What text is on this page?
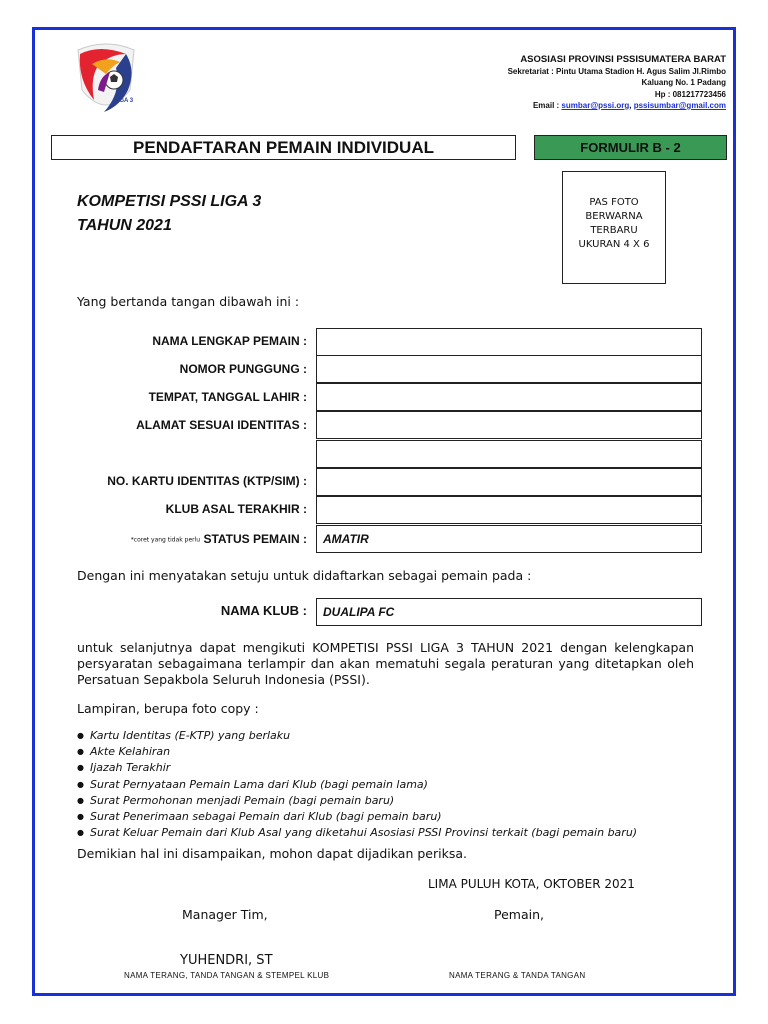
LIGA 3
ASOSIASI PROVINSI PSSISUMATERA BARAT
Sekretariat : Pintu Utama Stadion H. Agus Salim Jl.Rimbo
Kaluang No. 1 Padang
Hp : 081217723456
Email : sumbar@pssi.org, pssisumbar@gmail.com
PENDAFTARAN PEMAIN INDIVIDUAL	FORMULIR B - 2
KOMPETISI PSSI LIGA 3
TAHUN 2021
PAS FOTO
BERWARNA
TERBARU
UKURAN 4 X 6
Yang bertanda tangan dibawah ini :
NAMA LENGKAP PEMAIN :
NOMOR PUNGGUNG :
TEMPAT, TANGGAL LAHIR :
ALAMAT SESUAI IDENTITAS :
NO. KARTU IDENTITAS (KTP/SIM) :
KLUB ASAL TERAKHIR :
*coret yang tidak perlu STATUS PEMAIN :	AMATIR
Dengan ini menyatakan setuju untuk didaftarkan sebagai pemain pada :
NAMA KLUB :	DUALIPA FC
untuk selanjutnya dapat mengikuti KOMPETISI PSSI LIGA 3 TAHUN 2021 dengan kelengkapan persyaratan sebagaimana terlampir dan akan mematuhi segala peraturan yang ditetapkan oleh Persatuan Sepakbola Seluruh Indonesia (PSSI).
Lampiran, berupa foto copy :
● Kartu Identitas (E-KTP) yang berlaku
● Akte Kelahiran
● Ijazah Terakhir
● Surat Pernyataan Pemain Lama dari Klub (bagi pemain lama)
● Surat Permohonan menjadi Pemain (bagi pemain baru)
● Surat Penerimaan sebagai Pemain dari Klub (bagi pemain baru)
● Surat Keluar Pemain dari Klub Asal yang diketahui Asosiasi PSSI Provinsi terkait (bagi pemain baru)
Demikian hal ini disampaikan, mohon dapat dijadikan periksa.
LIMA PULUH KOTA, OKTOBER 2021
Manager Tim,	Pemain,
YUHENDRI, ST
NAMA TERANG, TANDA TANGAN & STEMPEL KLUB	NAMA TERANG & TANDA TANGAN
